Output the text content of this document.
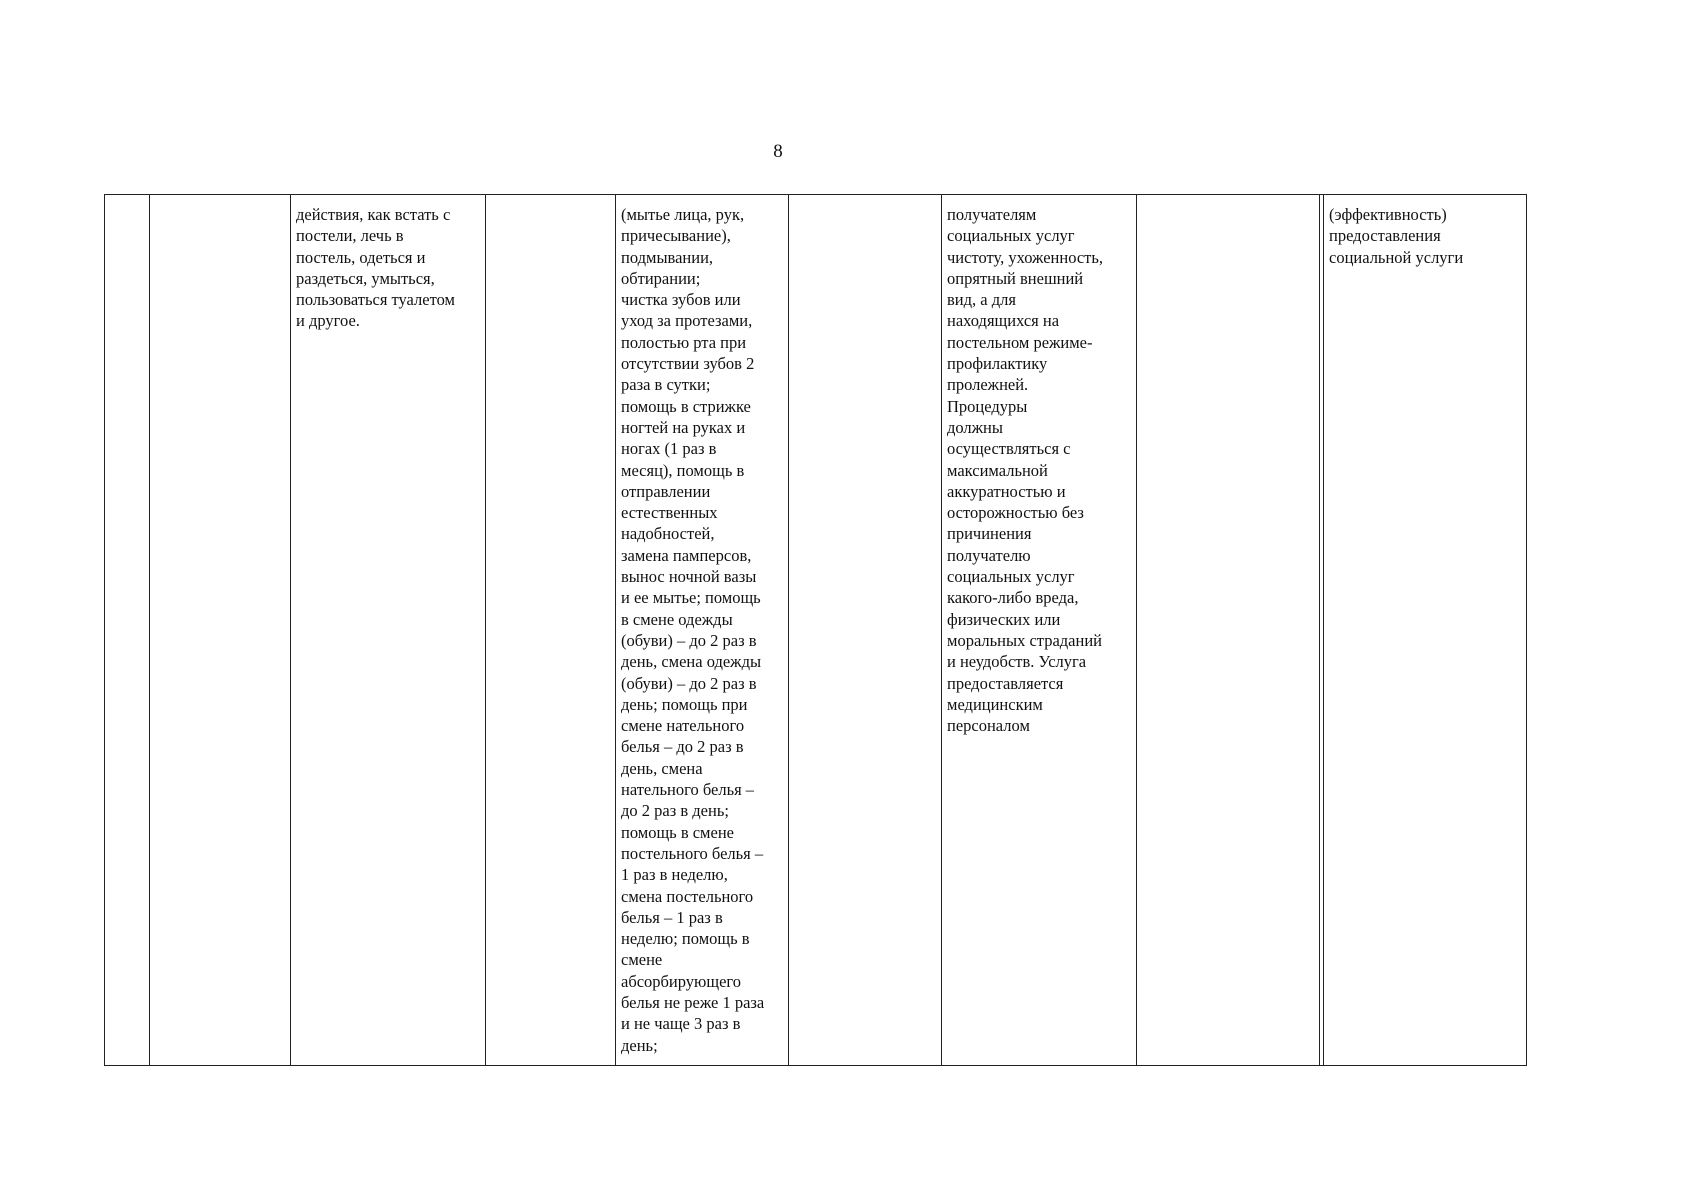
8
		действия, как встать с
постели, лечь в
постель, одеться и
раздеться, умыться,
пользоваться туалетом
и другое.		(мытье лица, рук,
причесывание),
подмывании,
обтирании;
чистка зубов или
уход за протезами,
полостью рта при
отсутствии зубов 2
раза в сутки;
помощь в стрижке
ногтей на руках и
ногах (1 раз в
месяц), помощь в
отправлении
естественных
надобностей,
замена памперсов,
вынос ночной вазы
и ее мытье; помощь
в смене одежды
(обуви) – до 2 раз в
день, смена одежды
(обуви) – до 2 раз в
день; помощь при
смене нательного
белья – до 2 раз в
день, смена
нательного белья –
до 2 раз в день;
помощь в смене
постельного белья –
1 раз в неделю,
смена постельного
белья – 1 раз в
неделю; помощь в
смене
абсорбирующего
белья не реже 1 раза
и не чаще 3 раз в
день;		получателям
социальных услуг
чистоту, ухоженность,
опрятный внешний
вид, а для
находящихся на
постельном режиме-
профилактику
пролежней.
Процедуры
должны
осуществляться с
максимальной
аккуратностью и
осторожностью без
причинения
получателю
социальных услуг
какого-либо вреда,
физических или
моральных страданий
и неудобств. Услуга
предоставляется
медицинским
персоналом			(эффективность)
предоставления
социальной услуги
